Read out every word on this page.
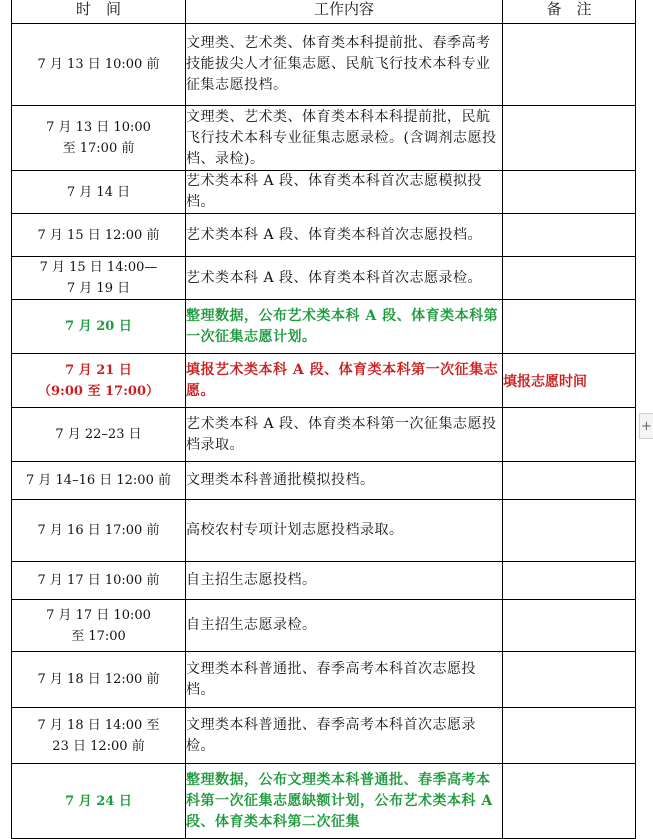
时　间	工作内容	备　注

7 月 13 日 10:00 前	文理类、艺术类、体育类本科提前批、春季高考技能拔尖人才征集志愿、民航飞行技术本科专业征集志愿投档。	

7 月 13 日 10:00
至 17:00 前	文理类、艺术类、体育类本科本科提前批，民航飞行技术本科专业征集志愿录检。(含调剂志愿投档、录检)。	

7 月 14 日	艺术类本科 A 段、体育类本科首次志愿模拟投档。	

7 月 15 日 12:00 前	艺术类本科 A 段、体育类本科首次志愿投档。	

7 月 15 日 14:00—
7 月 19 日	艺术类本科 A 段、体育类本科首次志愿录检。	

7 月 20 日	整理数据，公布艺术类本科 A 段、体育类本科第一次征集志愿计划。	

7 月 21 日
（9:00 至 17:00）	填报艺术类本科 A 段、体育类本科第一次征集志愿。	填报志愿时间

7 月 22–23 日	艺术类本科 A 段、体育类本科第一次征集志愿投档录取。	

7 月 14–16 日 12:00 前	文理类本科普通批模拟投档。	

7 月 16 日 17:00 前	高校农村专项计划志愿投档录取。	

7 月 17 日 10:00 前	自主招生志愿投档。	

7 月 17 日 10:00
至 17:00	自主招生志愿录检。	

7 月 18 日 12:00 前	文理类本科普通批、春季高考本科首次志愿投档。	

7 月 18 日 14:00 至
23 日 12:00 前	文理类本科普通批、春季高考本科首次志愿录检。	

7 月 24 日	整理数据，公布文理类本科普通批、春季高考本科第一次征集志愿缺额计划，公布艺术类本科 A 段、体育类本科第二次征集	
+
